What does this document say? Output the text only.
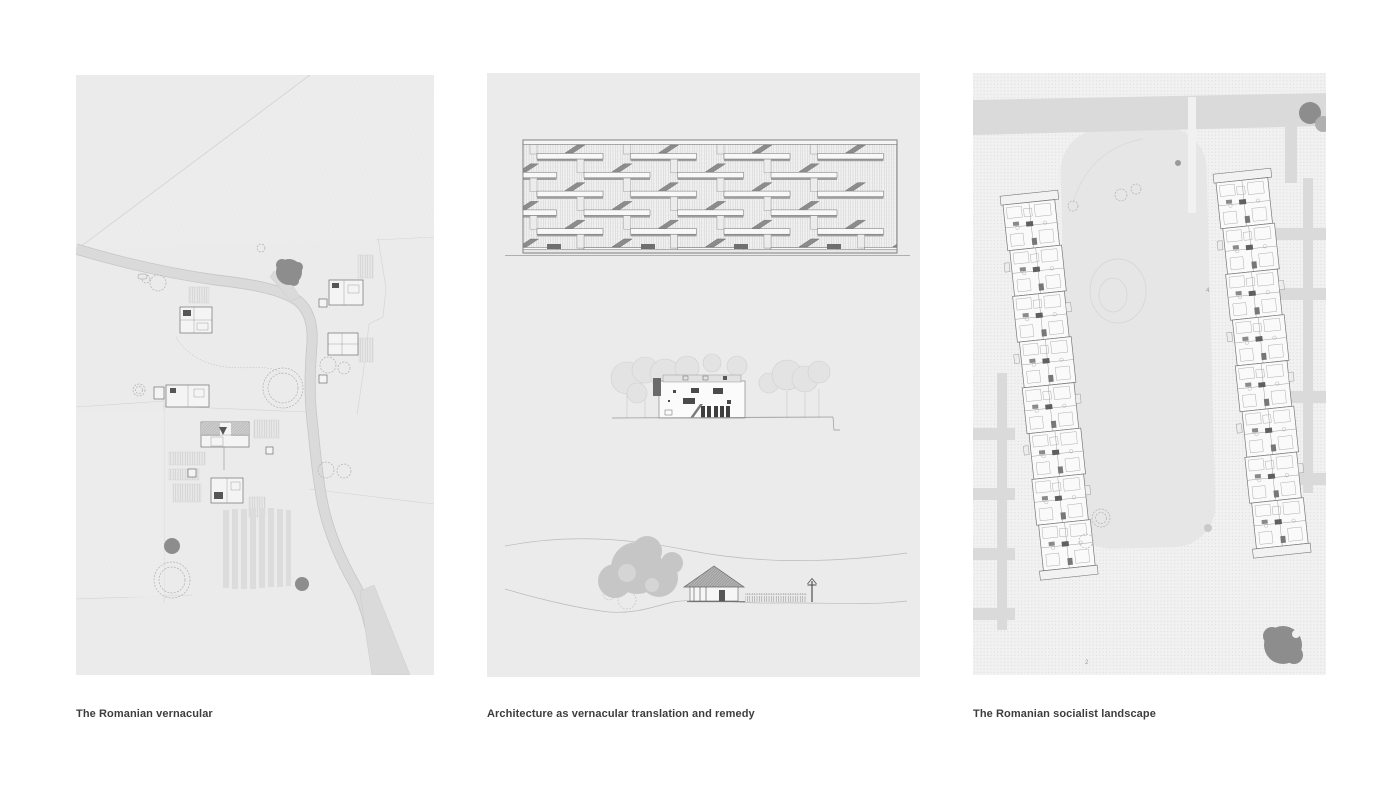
2
4
The Romanian vernacular	Architecture as vernacular translation and remedy	The Romanian socialist landscape
